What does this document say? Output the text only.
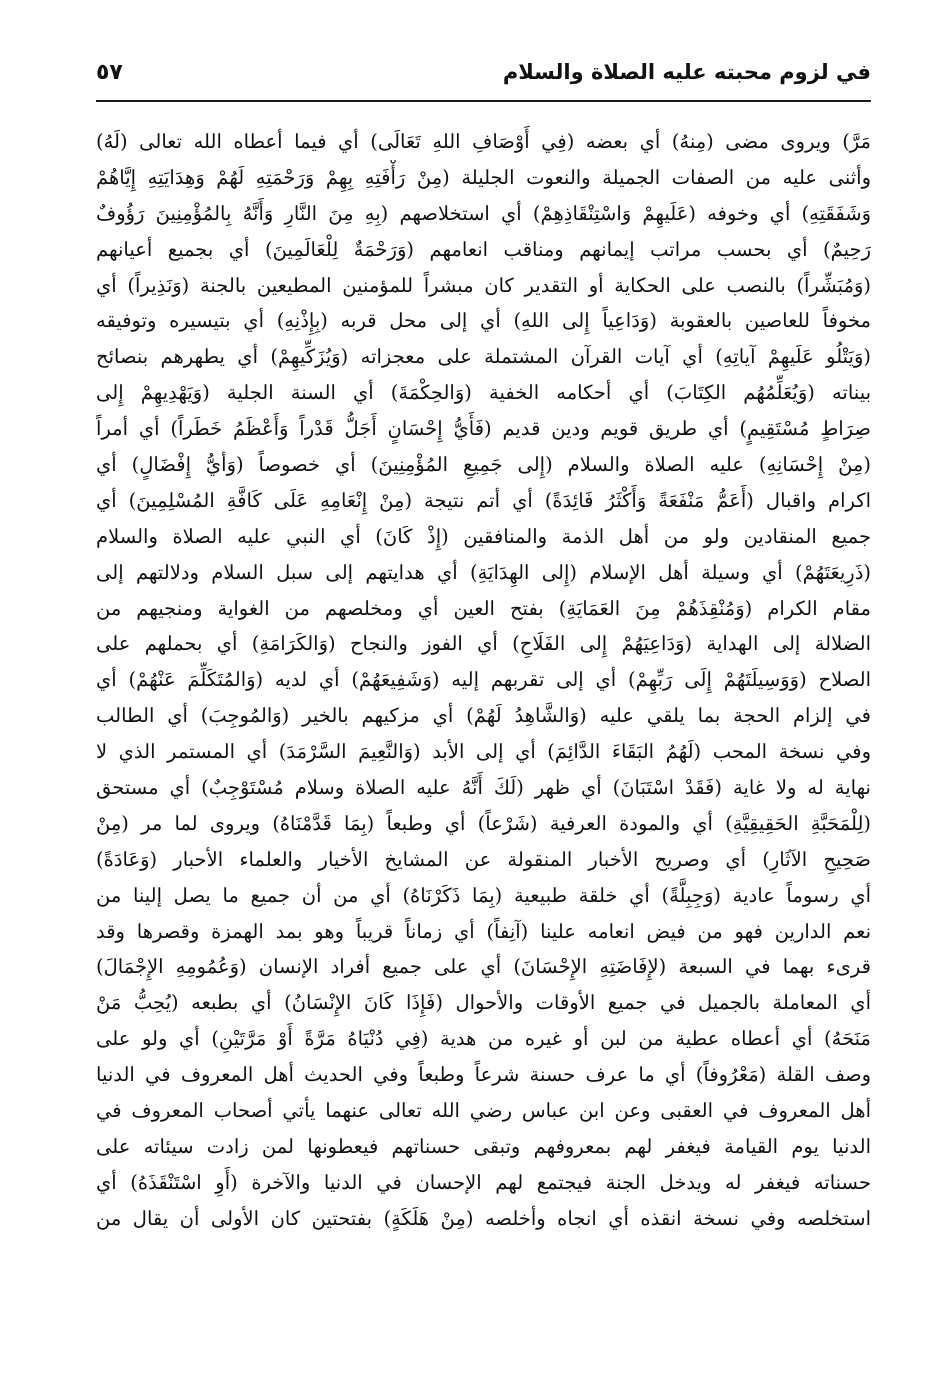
في لزوم محبته عليه الصلاة والسلام
٥٧
مَرَّ) ويروى مضى (مِنهُ) أي بعضه (فِي أَوْصَافِ اللهِ تَعَالَى) أي فيما أعطاه الله تعالى (لَهُ)
وأثنى عليه من الصفات الجميلة والنعوت الجليلة (مِنْ رَأْفَتِهِ بِهِمْ وَرَحْمَتِهِ لَهُمْ وَهِدَايَتِهِ إِيَّاهُمْ
وَشَفَقَتِهِ) أي وخوفه (عَلَيهِمْ وَاسْتِنْقَاذِهِمْ) أي استخلاصهم (بِهِ مِنَ النَّارِ وَأَنَّهُ بِالمُؤْمِنِينَ رَؤُوفٌ
رَحِيمٌ) أي بحسب مراتب إيمانهم ومناقب انعامهم (وَرَحْمَةٌ لِلْعَالَمِينَ) أي بجميع أعيانهم
(وَمُبَشِّراً) بالنصب على الحكاية أو التقدير كان مبشراً للمؤمنين المطيعين بالجنة (وَنَذِيراً) أي
مخوفاً للعاصين بالعقوبة (وَدَاعِياً إِلى اللهِ) أي إلى محل قربه (بِإِذْنِهِ) أي بتيسيره وتوفيقه
(وَيَتْلُو عَلَيهِمْ آياتِهِ) أي آيات القرآن المشتملة على معجزاته (وَيُزَكِّيهِمْ) أي يطهرهم بنصائح
بيناته (وَيُعَلِّمُهُم الكِتَابَ) أي أحكامه الخفية (وَالحِكْمَةَ) أي السنة الجلية (وَيَهْدِيهِمْ إِلى
صِرَاطٍ مُسْتَقِيمٍ) أي طريق قويم ودين قديم (فَأَيُّ إِحْسَانٍ أَجَلُّ قَدْراً وَأَعْظَمُ خَطَراً) أي أمراً
(مِنْ إِحْسَانِهِ) عليه الصلاة والسلام (إِلى جَمِيعِ المُؤْمِنِينَ) أي خصوصاً (وَأيُّ إِفْضَالٍ) أي
اكرام واقبال (أَعَمُّ مَنْفَعَةً وَأَكْثَرُ فَائِدَةً) أي أتم نتيجة (مِنْ إِنْعَامِهِ عَلَى كَافَّةِ المُسْلِمِينَ) أي
جميع المنقادين ولو من أهل الذمة والمنافقين (إِذْ كَانَ) أي النبي عليه الصلاة والسلام
(ذَرِيعَتَهُمْ) أي وسيلة أهل الإسلام (إِلى الهِدَايَةِ) أي هدايتهم إلى سبل السلام ودلالتهم إلى
مقام الكرام (وَمُنْقِذَهُمْ مِنَ العَمَايَةِ) بفتح العين أي ومخلصهم من الغواية ومنجيهم من
الضلالة إلى الهداية (وَدَاعِيَهُمْ إِلى الفَلَاحِ) أي الفوز والنجاح (وَالكَرَامَةِ) أي بحملهم على
الصلاح (وَوَسِيلَتَهُمْ إِلَى رَبِّهِمْ) أي إلى تقربهم إليه (وَشَفِيعَهُمْ) أي لديه (وَالمُتَكَلِّمَ عَنْهُمْ) أي
في إلزام الحجة بما يلقي عليه (وَالشَّاهِدُ لَهُمْ) أي مزكيهم بالخير (وَالمُوجِبَ) أي الطالب
وفي نسخة المحب (لَهُمُ البَقَاءَ الدَّائِمَ) أي إلى الأبد (وَالنَّعِيمَ السَّرْمَدَ) أي المستمر الذي لا
نهاية له ولا غاية (فَقَدْ اسْتَبَانَ) أي ظهر (لَكَ أَنَّهُ عليه الصلاة وسلام مُسْتَوْجِبٌ) أي مستحق
(لِلْمَحَبَّةِ الحَقِيقِيَّةِ) أي والمودة العرفية (شَرْعاً) أي وطبعاً (بِمَا قَدَّمْنَاهُ) ويروى لما مر (مِنْ
صَحِيحِ الآثَارِ) أي وصريح الأخبار المنقولة عن المشايخ الأخيار والعلماء الأحبار (وَعَادَةً)
أي رسوماً عادية (وَجِبِلَّةً) أي خلقة طبيعية (بِمَا ذَكَرْنَاهُ) أي من أن جميع ما يصل إلينا من
نعم الدارين فهو من فيض انعامه علينا (آنِفاً) أي زماناً قريباً وهو بمد الهمزة وقصرها وقد
قرىء بهما في السبعة (لإِفَاضَتِهِ الإِحْسَانَ) أي على جميع أفراد الإنسان (وَعُمُومِهِ الإِجْمَالَ)
أي المعاملة بالجميل في جميع الأوقات والأحوال (فَإِذَا كَانَ الإِنْسَانُ) أي بطبعه (يُحِبُّ مَنْ
مَنَحَهُ) أي أعطاه عطية من لبن أو غيره من هدية (فِي دُنْيَاهُ مَرَّةً أَوْ مَرَّتَيْنِ) أي ولو على
وصف القلة (مَعْرُوفاً) أي ما عرف حسنة شرعاً وطبعاً وفي الحديث أهل المعروف في الدنيا
أهل المعروف في العقبى وعن ابن عباس رضي الله تعالى عنهما يأتي أصحاب المعروف في
الدنيا يوم القيامة فيغفر لهم بمعروفهم وتبقى حسناتهم فيعطونها لمن زادت سيئاته على
حسناته فيغفر له ويدخل الجنة فيجتمع لهم الإحسان في الدنيا والآخرة (أَوِ اسْتَنْقَذَهُ) أي
استخلصه وفي نسخة انقذه أي انجاه وأخلصه (مِنْ هَلَكَةٍ) بفتحتين كان الأولى أن يقال من
